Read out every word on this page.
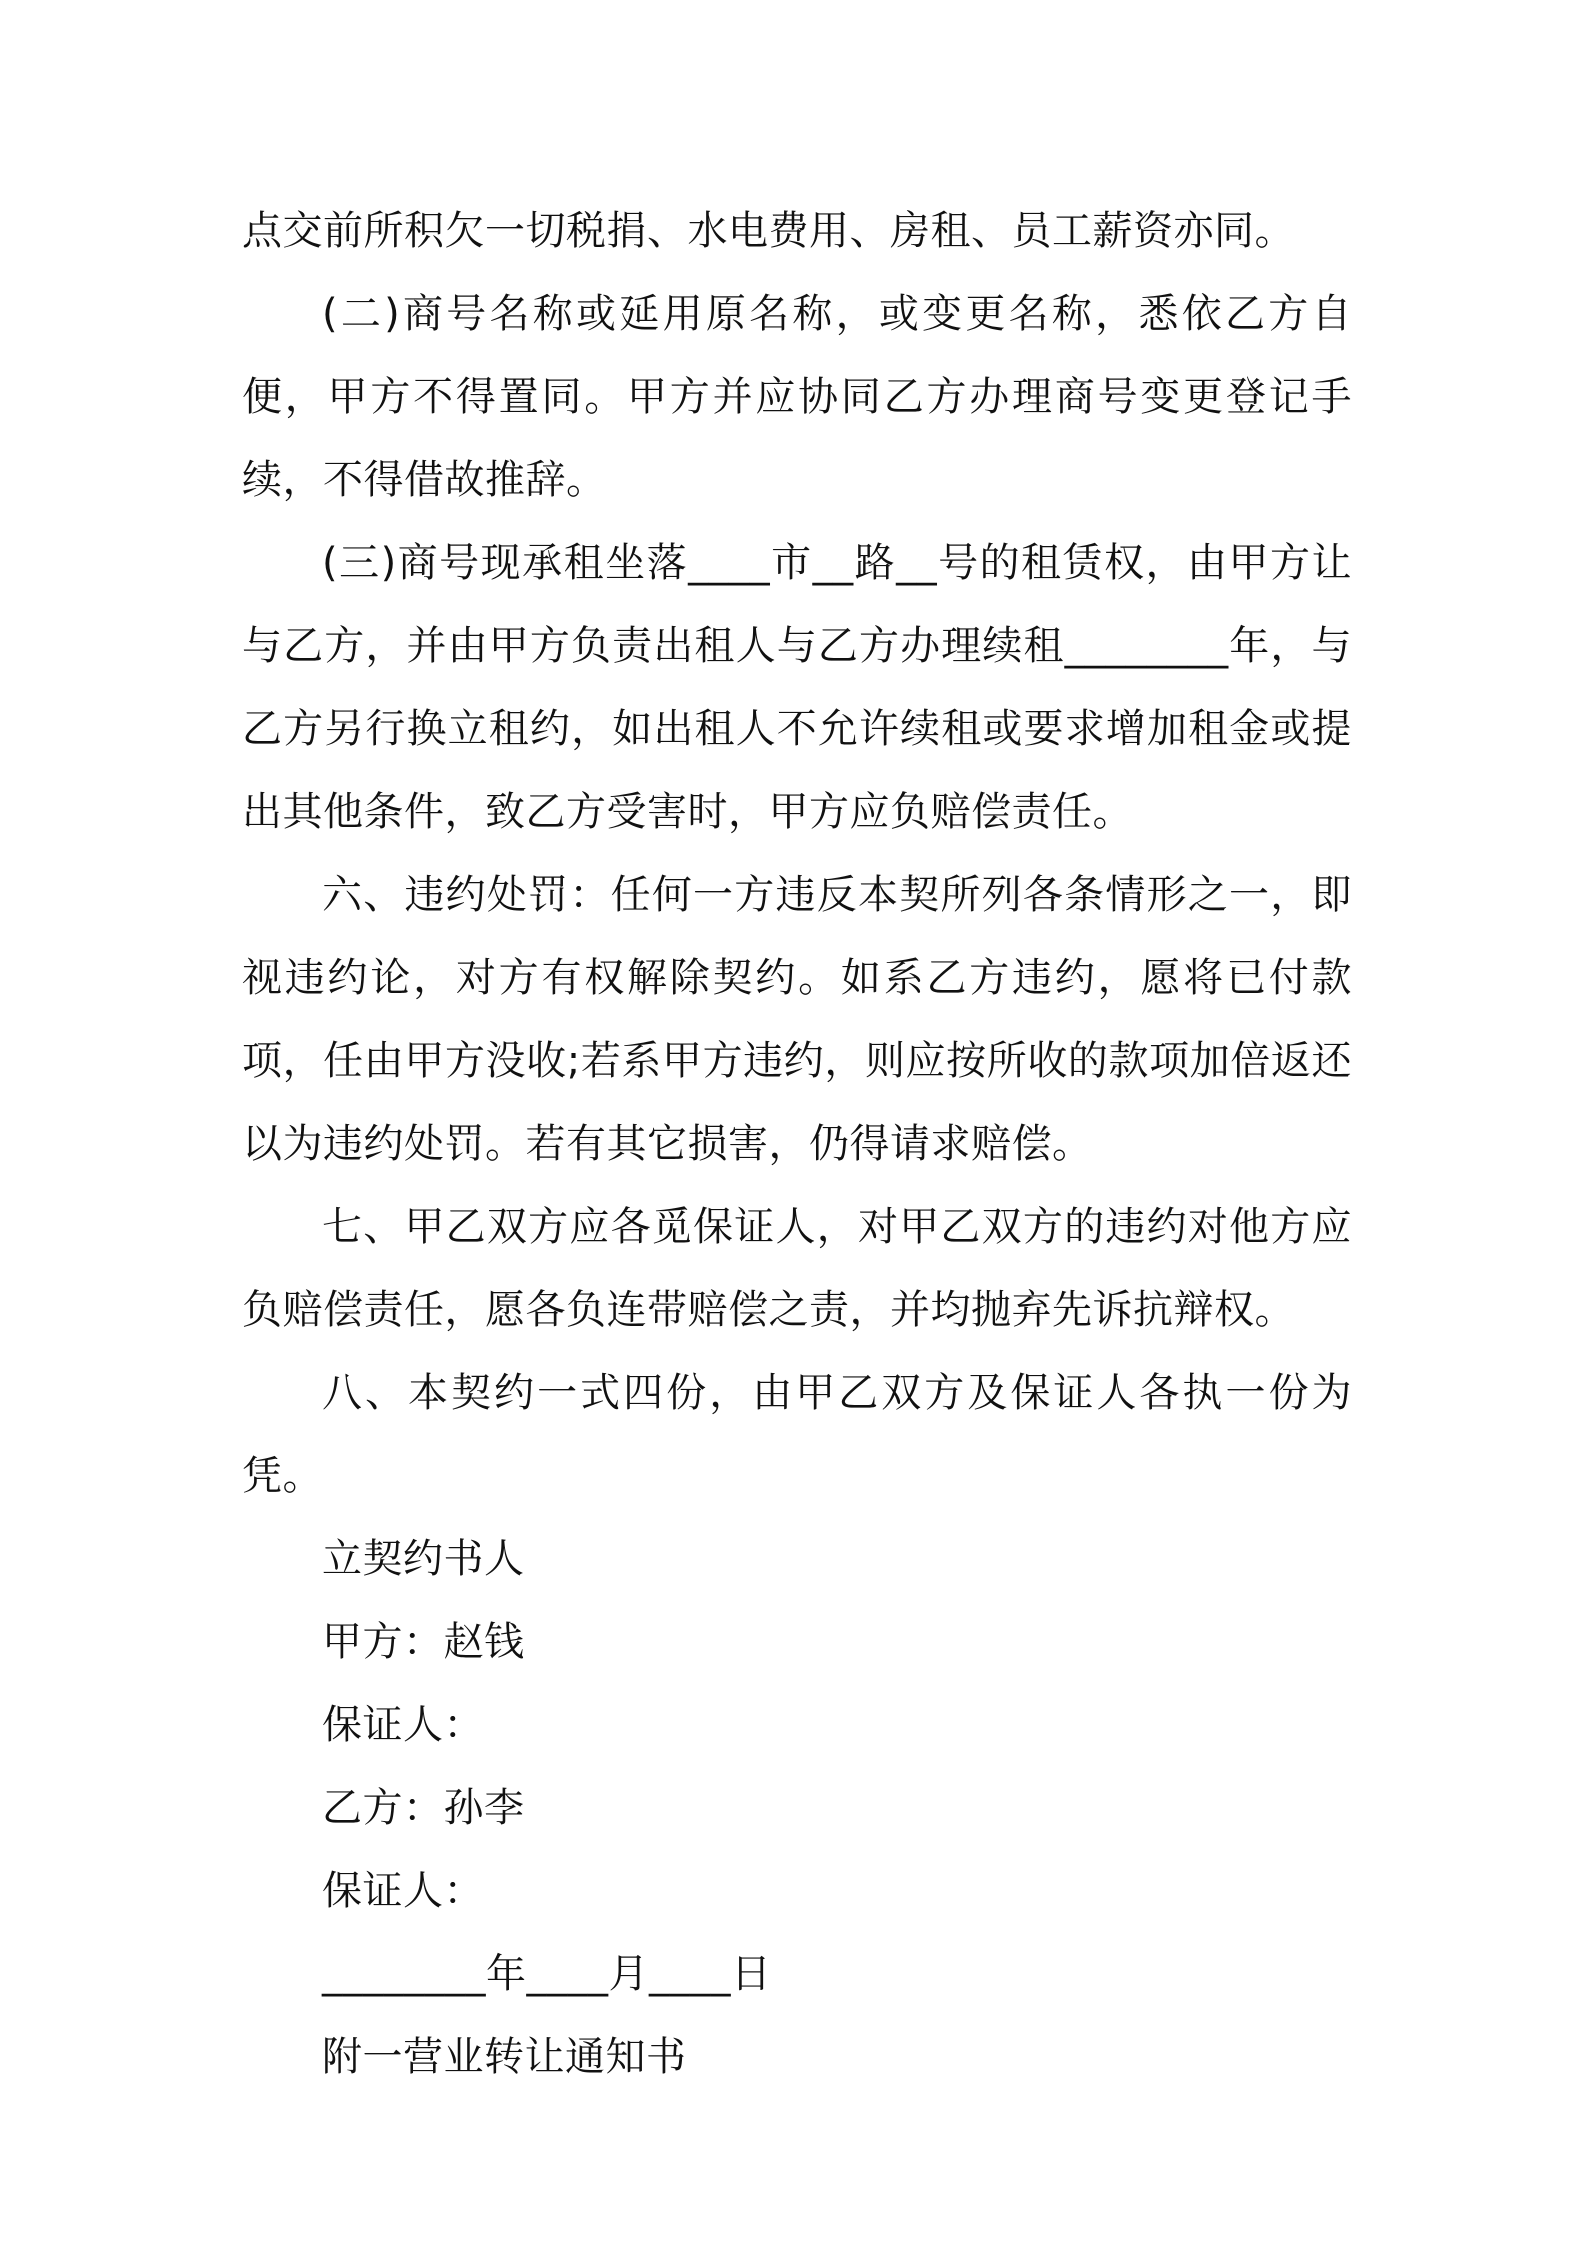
点交前所积欠一切税捐、水电费用、房租、员工薪资亦同。

(二)商号名称或延用原名称，或变更名称，悉依乙方自便，甲方不得置同。甲方并应协同乙方办理商号变更登记手续，不得借故推辞。

(三)商号现承租坐落____市__路__号的租赁权，由甲方让与乙方，并由甲方负责出租人与乙方办理续租________年，与乙方另行换立租约，如出租人不允许续租或要求增加租金或提出其他条件，致乙方受害时，甲方应负赔偿责任。

六、违约处罚：任何一方违反本契所列各条情形之一，即视违约论，对方有权解除契约。如系乙方违约，愿将已付款项，任由甲方没收;若系甲方违约，则应按所收的款项加倍返还以为违约处罚。若有其它损害，仍得请求赔偿。

七、甲乙双方应各觅保证人，对甲乙双方的违约对他方应负赔偿责任，愿各负连带赔偿之责，并均抛弃先诉抗辩权。

八、本契约一式四份，由甲乙双方及保证人各执一份为凭。

立契约书人

甲方：赵钱

保证人：

乙方：孙李

保证人：

________年____月____日

附一营业转让通知书
